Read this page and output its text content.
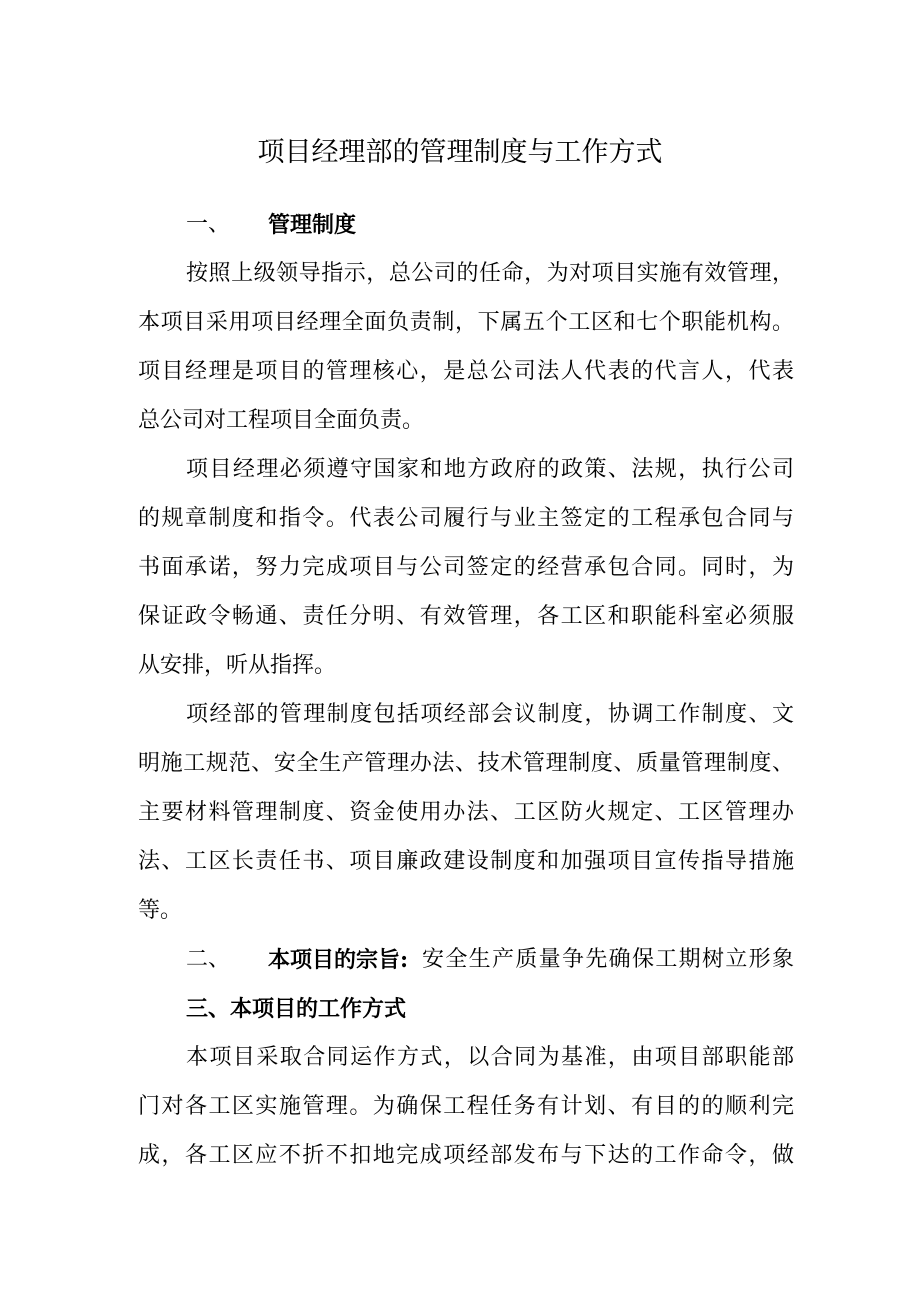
项目经理部的管理制度与工作方式
一、 管理制度
按照上级领导指示，总公司的任命，为对项目实施有效管理，
本项目采用项目经理全面负责制，下属五个工区和七个职能机构。
项目经理是项目的管理核心，是总公司法人代表的代言人，代表
总公司对工程项目全面负责。
项目经理必须遵守国家和地方政府的政策、法规，执行公司
的规章制度和指令。代表公司履行与业主签定的工程承包合同与
书面承诺，努力完成项目与公司签定的经营承包合同。同时，为
保证政令畅通、责任分明、有效管理，各工区和职能科室必须服
从安排，听从指挥。
项经部的管理制度包括项经部会议制度，协调工作制度、文
明施工规范、安全生产管理办法、技术管理制度、质量管理制度、
主要材料管理制度、资金使用办法、工区防火规定、工区管理办
法、工区长责任书、项目廉政建设制度和加强项目宣传指导措施
等。
二、 本项目的宗旨: 安全生产质量争先确保工期树立形象
三、本项目的工作方式
本项目采取合同运作方式，以合同为基准，由项目部职能部
门对各工区实施管理。为确保工程任务有计划、有目的的顺利完
成，各工区应不折不扣地完成项经部发布与下达的工作命令，做
